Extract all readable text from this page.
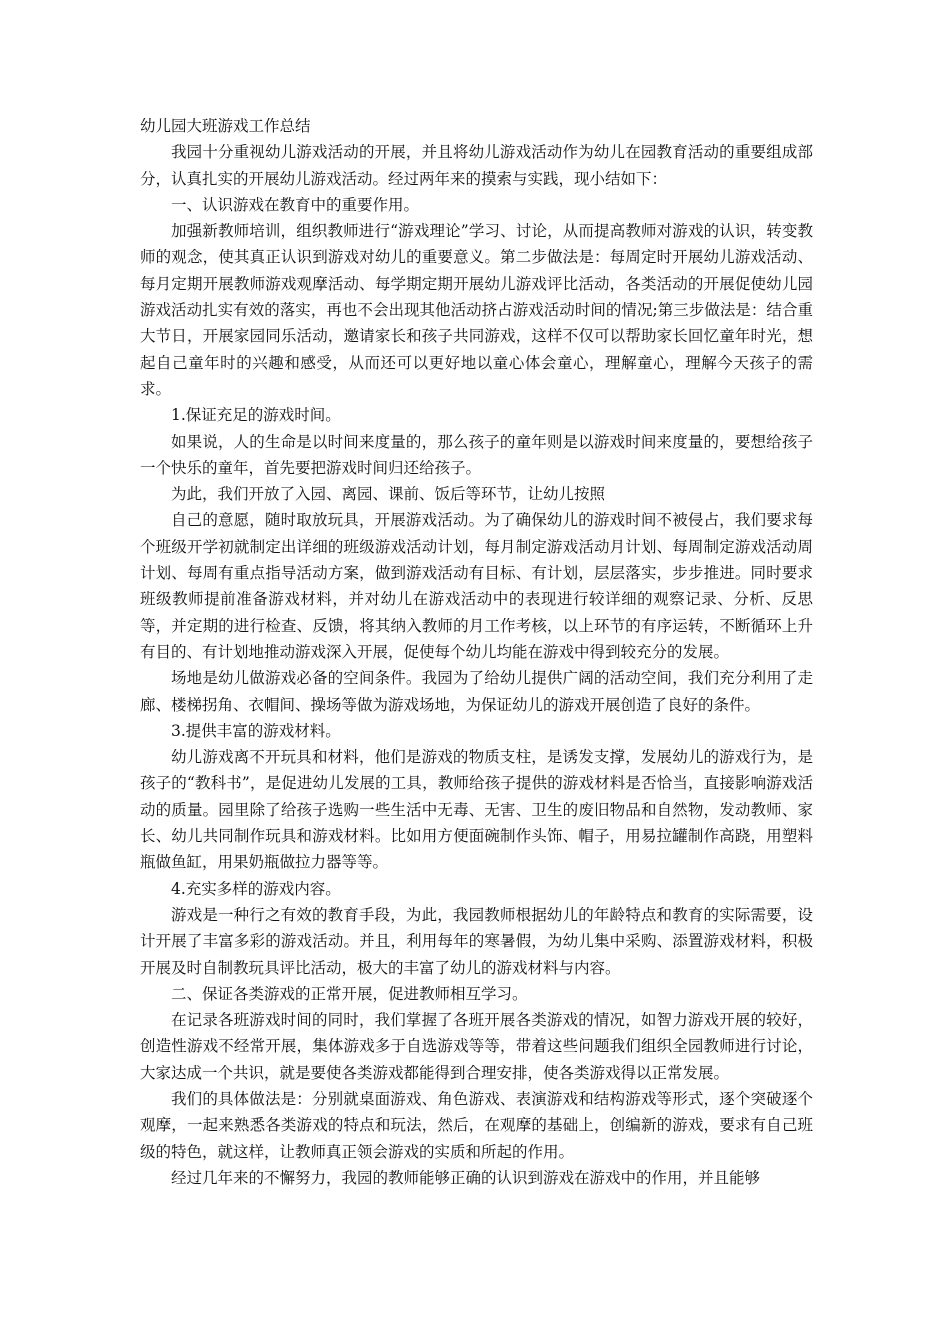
幼儿园大班游戏工作总结

我园十分重视幼儿游戏活动的开展，并且将幼儿游戏活动作为幼儿在园教育活动的重要组成部分，认真扎实的开展幼儿游戏活动。经过两年来的摸索与实践，现小结如下：

一、认识游戏在教育中的重要作用。

加强新教师培训，组织教师进行“游戏理论”学习、讨论，从而提高教师对游戏的认识，转变教师的观念，使其真正认识到游戏对幼儿的重要意义。第二步做法是：每周定时开展幼儿游戏活动、每月定期开展教师游戏观摩活动、每学期定期开展幼儿游戏评比活动，各类活动的开展促使幼儿园游戏活动扎实有效的落实，再也不会出现其他活动挤占游戏活动时间的情况;第三步做法是：结合重大节日，开展家园同乐活动，邀请家长和孩子共同游戏，这样不仅可以帮助家长回忆童年时光，想起自己童年时的兴趣和感受，从而还可以更好地以童心体会童心，理解童心，理解今天孩子的需求。

1.保证充足的游戏时间。

如果说，人的生命是以时间来度量的，那么孩子的童年则是以游戏时间来度量的，要想给孩子一个快乐的童年，首先要把游戏时间归还给孩子。

为此，我们开放了入园、离园、课前、饭后等环节，让幼儿按照

自己的意愿，随时取放玩具，开展游戏活动。为了确保幼儿的游戏时间不被侵占，我们要求每个班级开学初就制定出详细的班级游戏活动计划，每月制定游戏活动月计划、每周制定游戏活动周计划、每周有重点指导活动方案，做到游戏活动有目标、有计划，层层落实，步步推进。同时要求班级教师提前准备游戏材料，并对幼儿在游戏活动中的表现进行较详细的观察记录、分析、反思等，并定期的进行检查、反馈，将其纳入教师的月工作考核，以上环节的有序运转，不断循环上升有目的、有计划地推动游戏深入开展，促使每个幼儿均能在游戏中得到较充分的发展。

场地是幼儿做游戏必备的空间条件。我园为了给幼儿提供广阔的活动空间，我们充分利用了走廊、楼梯拐角、衣帽间、操场等做为游戏场地，为保证幼儿的游戏开展创造了良好的条件。

3.提供丰富的游戏材料。

幼儿游戏离不开玩具和材料，他们是游戏的物质支柱，是诱发支撑，发展幼儿的游戏行为，是孩子的“教科书”，是促进幼儿发展的工具，教师给孩子提供的游戏材料是否恰当，直接影响游戏活动的质量。园里除了给孩子选购一些生活中无毒、无害、卫生的废旧物品和自然物，发动教师、家长、幼儿共同制作玩具和游戏材料。比如用方便面碗制作头饰、帽子，用易拉罐制作高跷，用塑料瓶做鱼缸，用果奶瓶做拉力器等等。

4.充实多样的游戏内容。

游戏是一种行之有效的教育手段，为此，我园教师根据幼儿的年龄特点和教育的实际需要，设计开展了丰富多彩的游戏活动。并且，利用每年的寒暑假，为幼儿集中采购、添置游戏材料，积极开展及时自制教玩具评比活动，极大的丰富了幼儿的游戏材料与内容。

二、保证各类游戏的正常开展，促进教师相互学习。

在记录各班游戏时间的同时，我们掌握了各班开展各类游戏的情况，如智力游戏开展的较好，创造性游戏不经常开展，集体游戏多于自选游戏等等，带着这些问题我们组织全园教师进行讨论，大家达成一个共识，就是要使各类游戏都能得到合理安排，使各类游戏得以正常发展。

我们的具体做法是：分别就桌面游戏、角色游戏、表演游戏和结构游戏等形式，逐个突破逐个观摩，一起来熟悉各类游戏的特点和玩法，然后，在观摩的基础上，创编新的游戏，要求有自己班级的特色，就这样，让教师真正领会游戏的实质和所起的作用。

经过几年来的不懈努力，我园的教师能够正确的认识到游戏在游戏中的作用，并且能够
